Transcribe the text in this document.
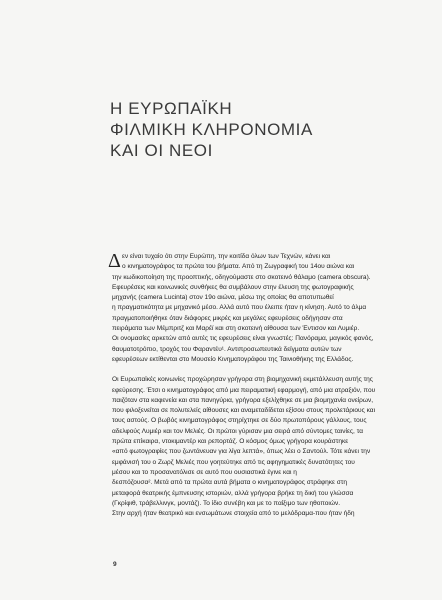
Η ΕΥΡΩΠΑΪΚΗ
ΦΙΛΜΙΚΗ ΚΛΗΡΟΝΟΜΙΑ
ΚΑΙ ΟΙ ΝΕΟΙ
Δ εν είναι τυχαίο ότι στην Ευρώπη, την κοιτίδα όλων των Τεχνών, κάνει και
ο κινηματογράφος τα πρώτα του βήματα. Από τη Ζωγραφική του 14ου αιώνα και
την κωδικοποίηση της προοπτικής, οδηγούμαστε στο σκοτεινό θάλαμο (camera obscura).
Εφευρέσεις και κοινωνικές συνθήκες θα συμβάλουν στην έλευση της φωτογραφικής
μηχανής (camera Lucinta) στον 19ο αιώνα, μέσω της οποίας θα αποτυπωθεί
η πραγματικότητα με μηχανικό μέσο. Αλλά αυτό που έλειπε ήταν η κίνηση. Αυτό το άλμα
πραγματοποιήθηκε όταν διάφορες μικρές και μεγάλες εφευρέσεις οδήγησαν στα
πειράματα των Μέμπριτζ και Μαρέϊ και στη σκοτεινή αίθουσα των Έντισον και Λυμιέρ.
Οι ονομασίες αρκετών από αυτές τις εφευρέσεις είναι γνωστές: Πανόραμα, μαγικός φανός,
θαυματοτρόπιο, τροχός του Φαραντέυ¹. Αντιπροσωπευτικά δείγματα αυτών των
εφευρέσεων εκτίθενται στο Μουσείο Κινηματογράφου της Ταινιοθήκης της Ελλάδος.
Οι Ευρωπαϊκές κοινωνίες προχώρησαν γρήγορα στη βιομηχανική εκμετάλλευση αυτής της
εφεύρεσης. Έτσι ο κινηματογράφος από μια πειραματική εφαρμογή, από μια ατραξιόν, που
παιζόταν στα καφενεία και στα πανηγύρια, γρήγορα εξελίχθηκε σε μια βιομηχανία ονείρων,
που φιλοξενείται σε πολυτελείς αίθουσες και αναμεταδίδεται εξίσου στους προλετάριους και
τους αστούς. Ο βωβός κινηματογράφος στηρίχτηκε σε δύο πρωτοπόρους γάλλους, τους
αδελφούς Λυμιέρ και τον Μελιές. Οι πρώτοι γύρισαν μια σειρά από σύντομες ταινίες, τα
πρώτα επίκαιρα, ντοκιμαντέρ και ρεπορτάζ. Ο κόσμος όμως γρήγορα κουράστηκε
«από φωτογραφίες που ζωντάνευαν για λίγα λεπτά», όπως λέει ο Σαντούλ. Τότε κάνει την
εμφάνισή του ο Ζωρζ Μελιές που γοητεύτηκε από τις αφηγηματικές δυνατότητες του
μέσου και το προσανατόλισε σε αυτό που ουσιαστικά έγινε και η
δεσπόζουσα². Μετά από τα πρώτα αυτά βήματα ο κινηματογράφος στράφηκε στη
μεταφορά θεατρικής έμπνευσης ιστοριών, αλλά γρήγορα βρήκε τη δική του γλώσσα
(Γκρίφιθ, τράβελλινγκ, μοντάζ). Το ίδιο συνέβη και με το παίξιμο των ηθοποιών.
Στην αρχή ήταν θεατρικό και ενσωμάτωνε στοιχεία από το μελόδραμα-που ήταν ήδη
9
